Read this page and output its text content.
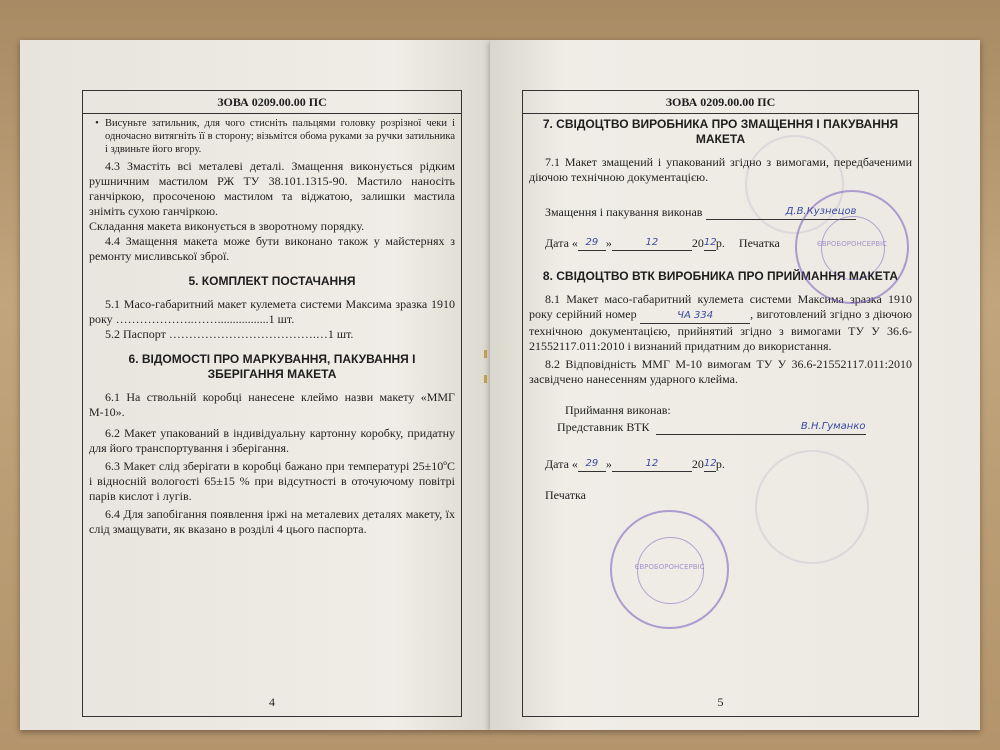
ЗОВА 0209.00.00 ПС
• Висуньте затильник, для чого стисніть пальцями головку розрізної чеки і одночасно витягніть її в сторону; візьмітся обома руками за ручки затильника і здвиньте його вгору.

4.3 Змастіть всі металеві деталі. Змащення виконується рідким рушничним мастилом РЖ ТУ 38.101.1315-90. Мастило наносіть ганчіркою, просоченою мастилом та віджатою, залишки мастила зніміть сухою ганчіркою.

Складання макета виконується в зворотному порядку.

4.4 Змащення макета може бути виконано також у майстернях з ремонту мисливської зброї.

5. КОМПЛЕКТ ПОСТАЧАННЯ

5.1 Масо-габаритний макет кулемета системи Максима зразка 1910 року ………………..…….................1 шт.

5.2 Паспорт ……………………………….…1 шт.

6. ВІДОМОСТІ ПРО МАРКУВАННЯ, ПАКУВАННЯ І ЗБЕРІГАННЯ МАКЕТА

6.1 На ствольній коробці нанесене клеймо назви макету «ММГ М-10».

6.2 Макет упакований в індивідуальну картонну коробку, придатну для його транспортування і зберігання.

6.3 Макет слід зберігати в коробці бажано при температурі 25±10ºС і відносній вологості 65±15 % при відсутності в оточуючому повітрі парів кислот і лугів.

6.4 Для запобігання появлення іржі на металевих деталях макету, їх слід змащувати, як вказано в розділі 4 цього паспорта.

4
ЗОВА 0209.00.00 ПС
7. СВІДОЦТВО ВИРОБНИКА ПРО ЗМАЩЕННЯ І ПАКУВАННЯ МАКЕТА

7.1 Макет змащений і упакований згідно з вимогами, передбаченими діючою технічною документацією.

Змащення і пакування виконав	Д.В.Кузнецов
Дата « 29 »	12	20 12 р. Печатка
8. СВІДОЦТВО ВТК ВИРОБНИКА ПРО ПРИЙМАННЯ МАКЕТА

8.1 Макет масо-габаритний кулемета системи Максима зразка 1910 року серійний номер	ЧА 334	, виготовлений згідно з діючою технічною документацією, прийнятий згідно з вимогами ТУ У 36.6-21552117.011:2010 і визнаний придатним до використання.

8.2 Відповідність ММГ М-10 вимогам ТУ У 36.6-21552117.011:2010 засвідчено нанесенням ударного клейма.

Приймання виконав:

Представник ВТК	В.Н.Гуманко
Дата « 29 »	12	20 12 р.

Печатка

5
ЄВРОБОРОНСЕРВІС
ЄВРОБОРОНСЕРВІС
